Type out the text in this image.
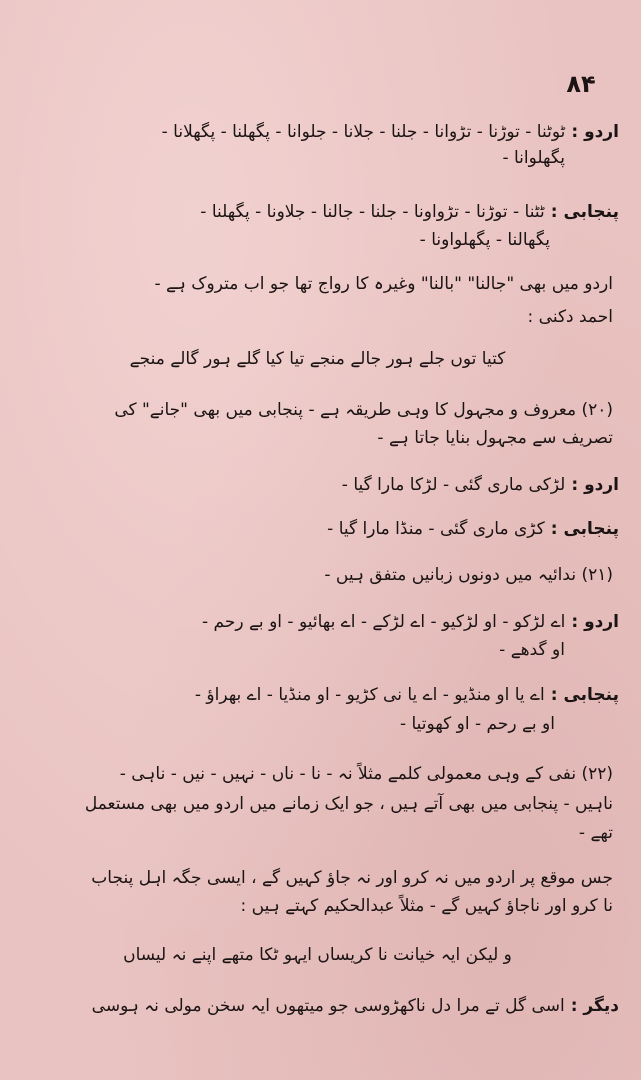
۸۴
اردو :ٹوٹنا - توڑنا - تڑوانا - جلنا - جلانا - جلوانا - پگھلنا - پگھلانا -
پگھلوانا -
پنجابی :ٹٹنا - توڑنا - تڑواونا - جلنا - جالنا - جلاونا - پگھلنا -
پگھالنا - پگھلواونا -
اردو میں بھی "جالنا" "بالنا" وغیرہ کا رواج تھا جو اب متروک ہے -
احمد دکنی :
کتیا توں جلے ہور جالے منجے تیا کیا گلے ہور گالے منجے
(۲۰) معروف و مجہول کا وہی طریقہ ہے - پنجابی میں بھی "جانے" کی
تصریف سے مجہول بنایا جاتا ہے -
اردو :لڑکی ماری گئی - لڑکا مارا گیا -
پنجابی :کڑی ماری گئی - منڈا مارا گیا -
(۲۱) ندائیہ میں دونوں زبانیں متفق ہیں -
اردو :اے لڑکو - او لڑکیو - اے لڑکے - اے بھائیو - او بے رحم -
او گدھے -
پنجابی :اے یا او منڈیو - اے یا نی کڑیو - او منڈیا - اے بھراؤ -
او بے رحم - او کھوتیا -
(۲۲) نفی کے وہی معمولی کلمے مثلاً نہ - نا - ناں - نہیں - نیں - ناہی -
ناہیں - پنجابی میں بھی آتے ہیں ، جو ایک زمانے میں اردو میں بھی مستعمل
تھے -
جس موقع پر اردو میں نہ کرو اور نہ جاؤ کہیں گے ، ایسی جگہ اہل پنجاب
نا کرو اور ناجاؤ کہیں گے - مثلاً عبدالحکیم کہتے ہیں :
و لیکن ایہ خیانت نا کریساں ایہو ٹکا متھے اپنے نہ لیساں
دیگر :اسی گل تے مرا دل ناکھڑوسی جو میتھوں ایہ سخن مولی نہ ہوسی
